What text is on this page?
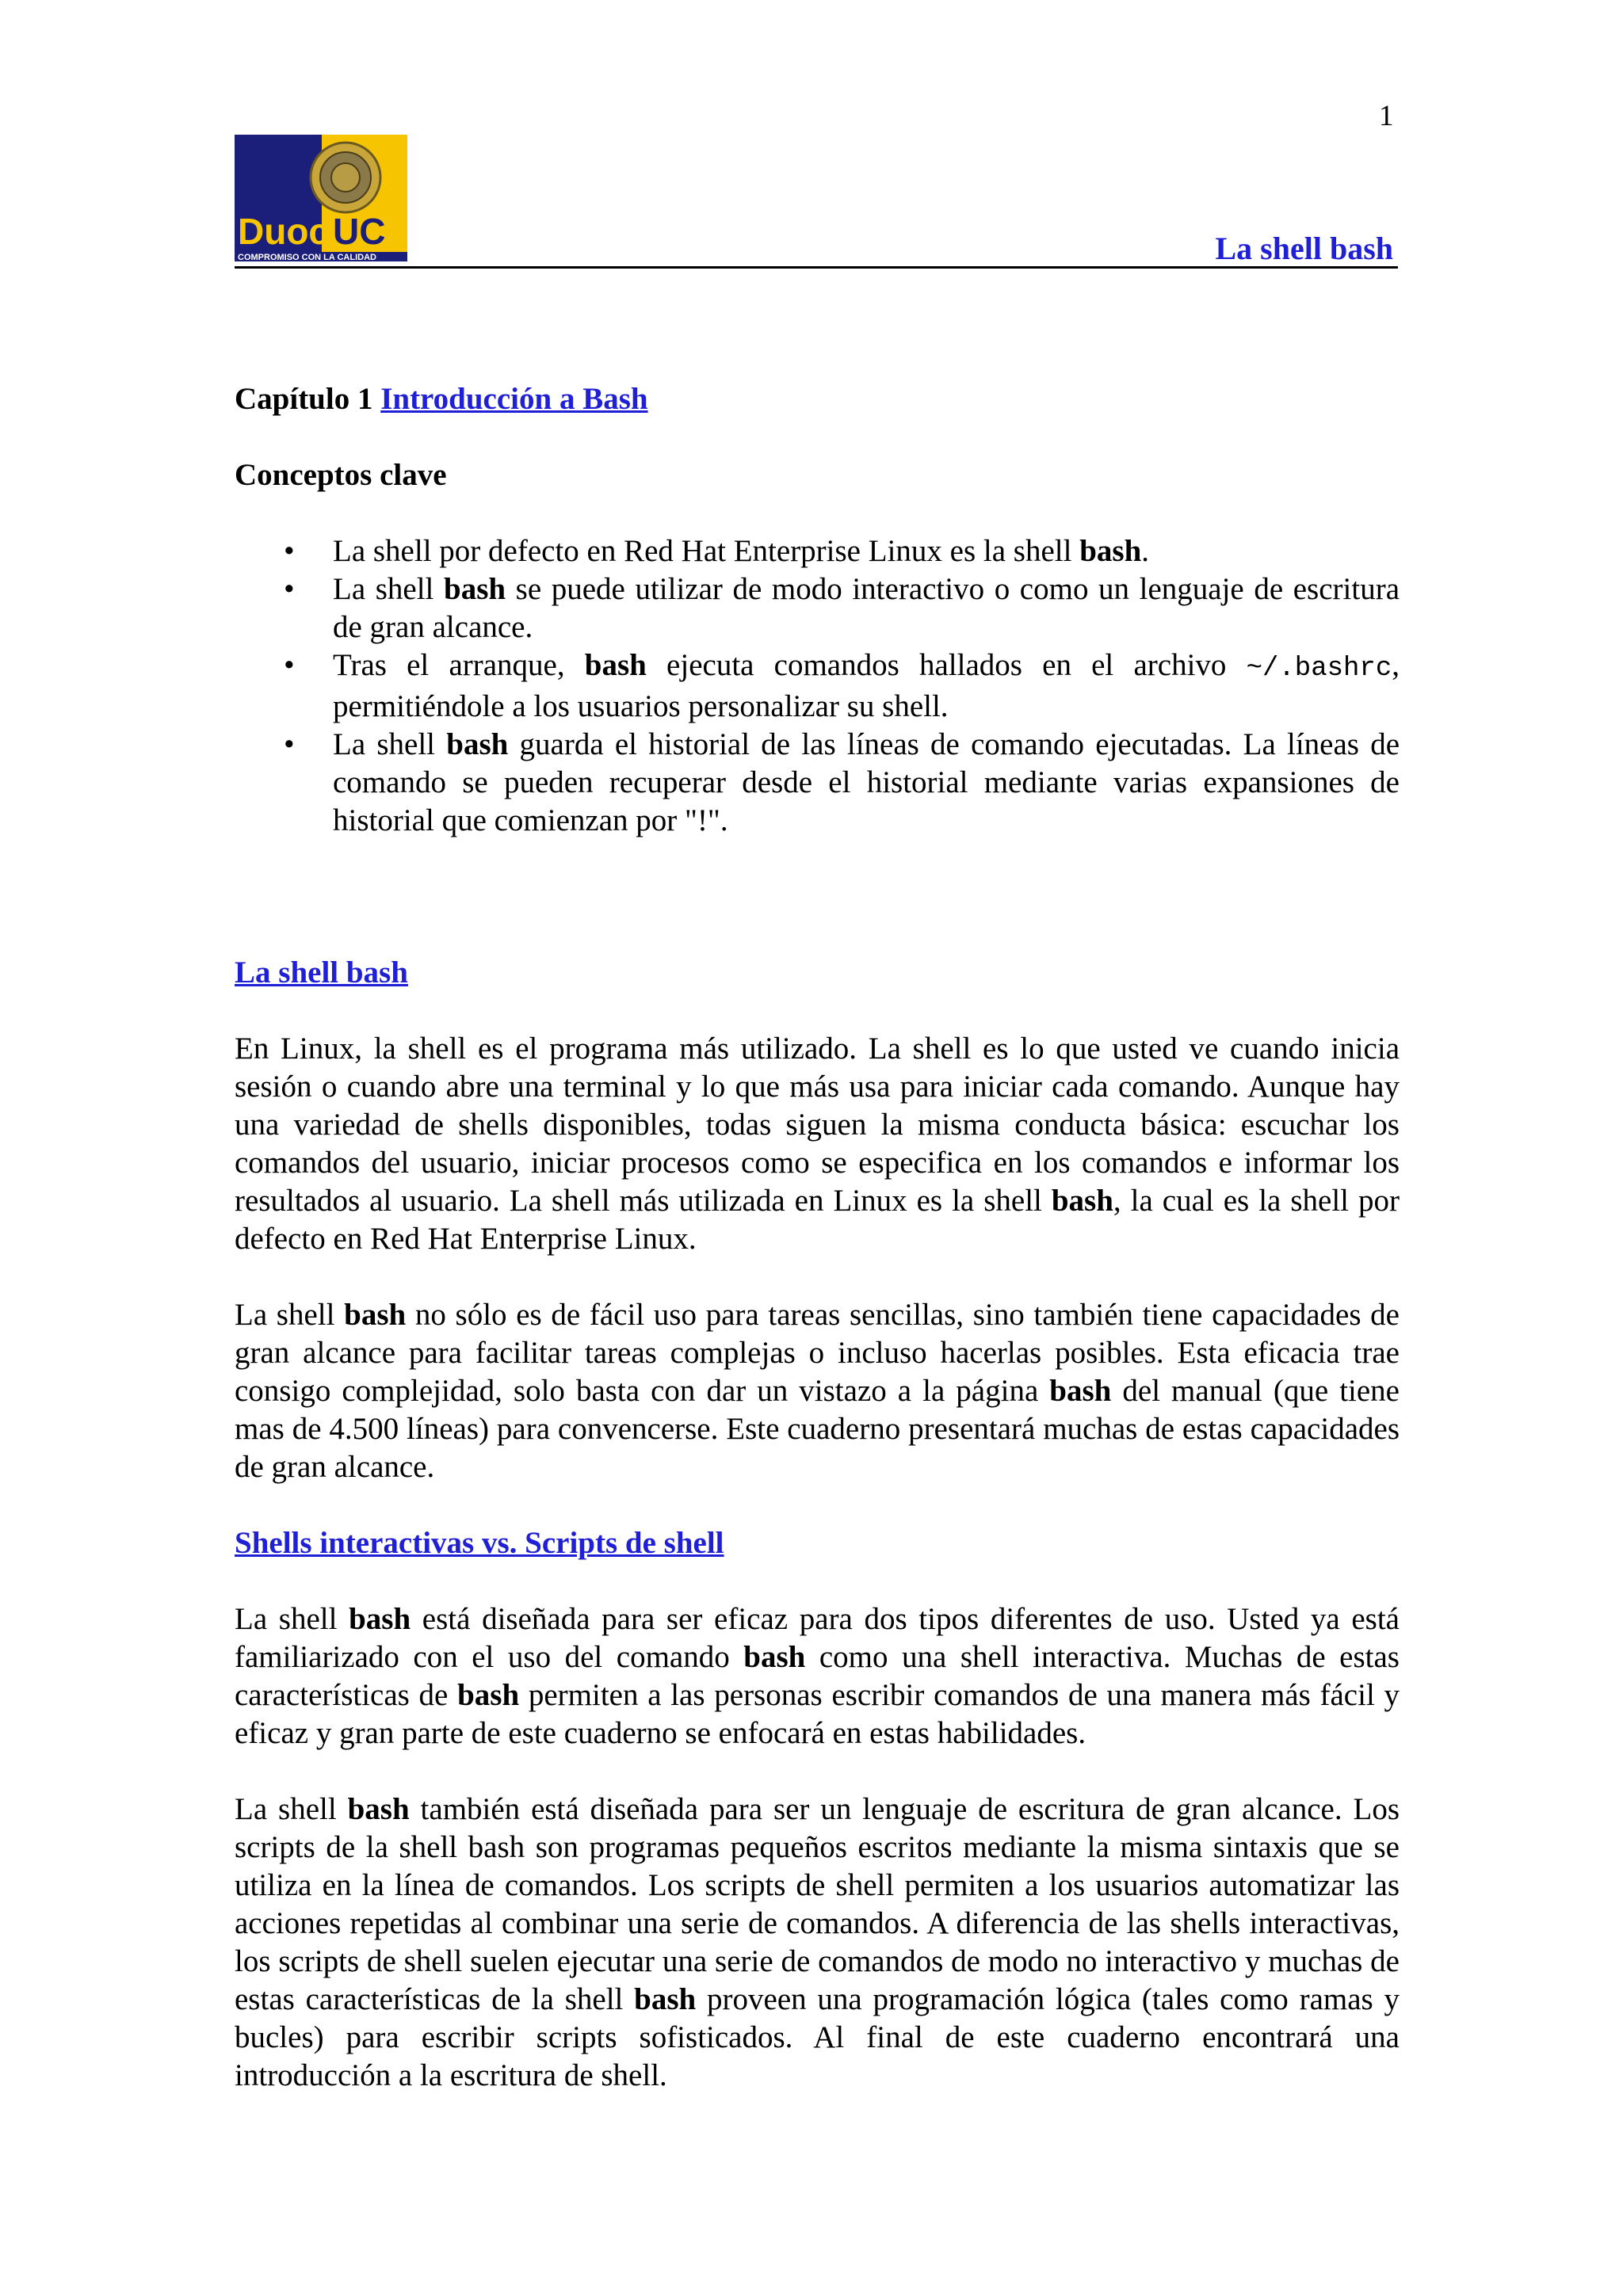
1
Duoc UC
COMPROMISO CON LA CALIDAD	La shell bash

Capítulo 1 Introducción a Bash

Conceptos clave

• La shell por defecto en Red Hat Enterprise Linux es la shell bash.
• La shell bash se puede utilizar de modo interactivo o como un lenguaje de escritura de gran alcance.
• Tras el arranque, bash ejecuta comandos hallados en el archivo ~/.bashrc, permitiéndole a los usuarios personalizar su shell.
• La shell bash guarda el historial de las líneas de comando ejecutadas. La líneas de comando se pueden recuperar desde el historial mediante varias expansiones de historial que comienzan por "!".

La shell bash

En Linux, la shell es el programa más utilizado. La shell es lo que usted ve cuando inicia sesión o cuando abre una terminal y lo que más usa para iniciar cada comando. Aunque hay una variedad de shells disponibles, todas siguen la misma conducta básica: escuchar los comandos del usuario, iniciar procesos como se especifica en los comandos e informar los resultados al usuario. La shell más utilizada en Linux es la shell bash, la cual es la shell por defecto en Red Hat Enterprise Linux.

La shell bash no sólo es de fácil uso para tareas sencillas, sino también tiene capacidades de gran alcance para facilitar tareas complejas o incluso hacerlas posibles. Esta eficacia trae consigo complejidad, solo basta con dar un vistazo a la página bash del manual (que tiene mas de 4.500 líneas) para convencerse. Este cuaderno presentará muchas de estas capacidades de gran alcance.

Shells interactivas vs. Scripts de shell

La shell bash está diseñada para ser eficaz para dos tipos diferentes de uso. Usted ya está familiarizado con el uso del comando bash como una shell interactiva. Muchas de estas características de bash permiten a las personas escribir comandos de una manera más fácil y eficaz y gran parte de este cuaderno se enfocará en estas habilidades.

La shell bash también está diseñada para ser un lenguaje de escritura de gran alcance. Los scripts de la shell bash son programas pequeños escritos mediante la misma sintaxis que se utiliza en la línea de comandos. Los scripts de shell permiten a los usuarios automatizar las acciones repetidas al combinar una serie de comandos. A diferencia de las shells interactivas, los scripts de shell suelen ejecutar una serie de comandos de modo no interactivo y muchas de estas características de la shell bash proveen una programación lógica (tales como ramas y bucles) para escribir scripts sofisticados. Al final de este cuaderno encontrará una introducción a la escritura de shell.
